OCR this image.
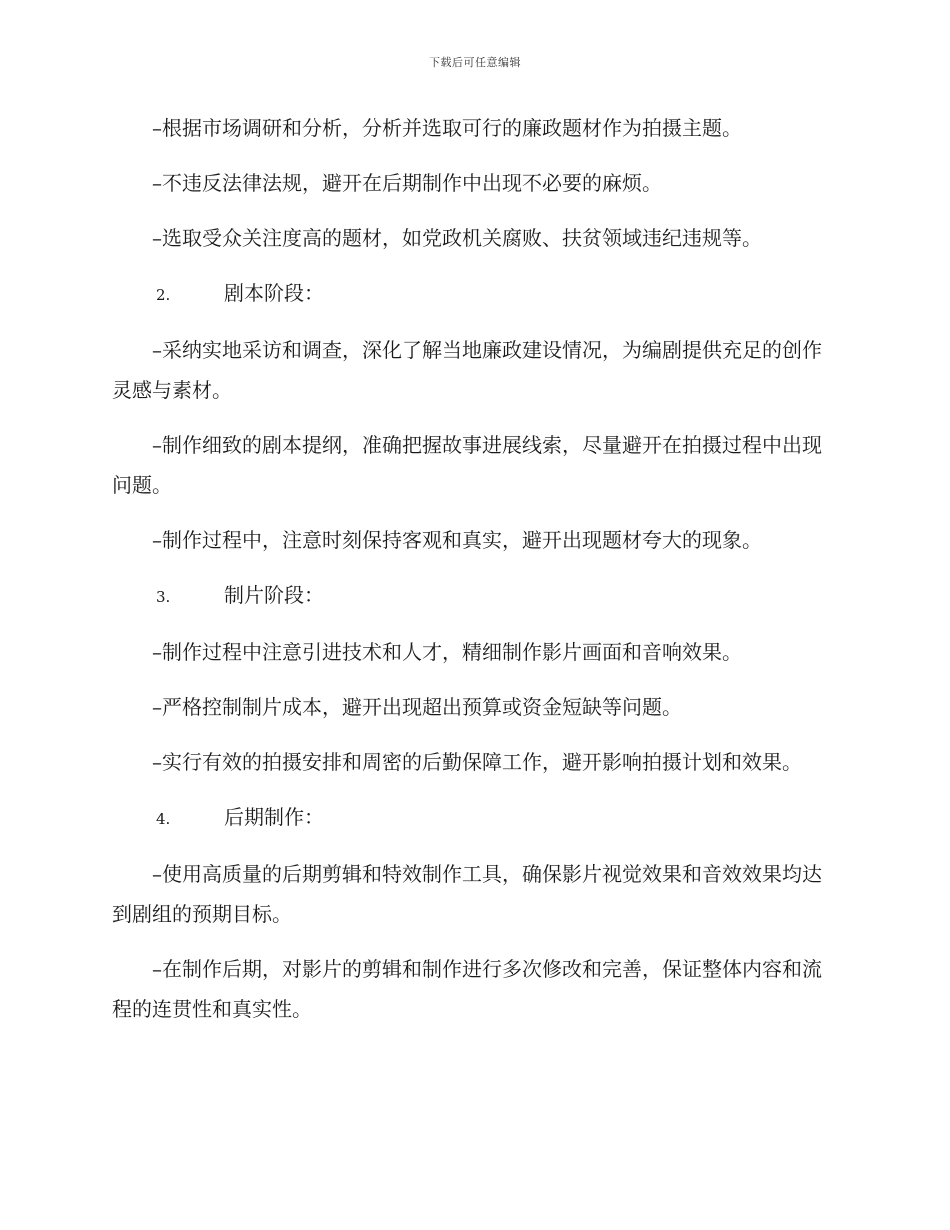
下载后可任意编辑

–根据市场调研和分析，分析并选取可行的廉政题材作为拍摄主题。

–不违反法律法规，避开在后期制作中出现不必要的麻烦。

–选取受众关注度高的题材，如党政机关腐败、扶贫领域违纪违规等。

2.	剧本阶段：

–采纳实地采访和调查，深化了解当地廉政建设情况，为编剧提供充足的创作灵感与素材。

–制作细致的剧本提纲，准确把握故事进展线索，尽量避开在拍摄过程中出现问题。

–制作过程中，注意时刻保持客观和真实，避开出现题材夸大的现象。

3.	制片阶段：

–制作过程中注意引进技术和人才，精细制作影片画面和音响效果。

–严格控制制片成本，避开出现超出预算或资金短缺等问题。

–实行有效的拍摄安排和周密的后勤保障工作，避开影响拍摄计划和效果。

4.	后期制作：

–使用高质量的后期剪辑和特效制作工具，确保影片视觉效果和音效效果均达到剧组的预期目标。

–在制作后期，对影片的剪辑和制作进行多次修改和完善，保证整体内容和流程的连贯性和真实性。
